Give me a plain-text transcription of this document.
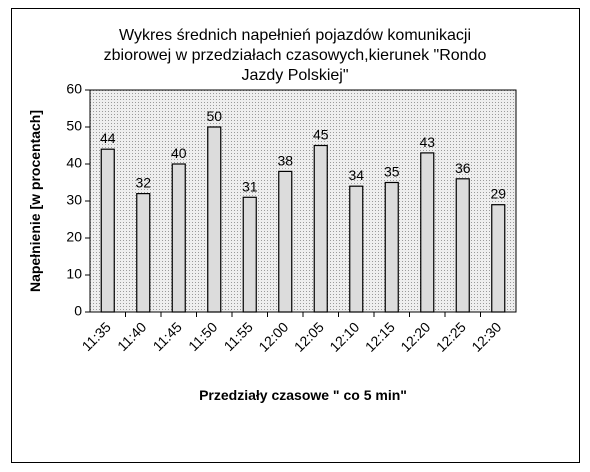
Wykres średnich napełnień pojazdów komunikacji
zbiorowej w przedziałach czasowych,kierunek "Rondo
Jazdy Polskiej"
0
10
20
30
40
50
60
11:35 11:40 11:45 11:50 11:55 12:00 12:05 12:10 12:15 12:20 12:25 12:30
44
32
40
50
31
38
45
34 35
43
36
29
Napełnienie [w procentach]
Przedziały czasowe " co 5 min"
